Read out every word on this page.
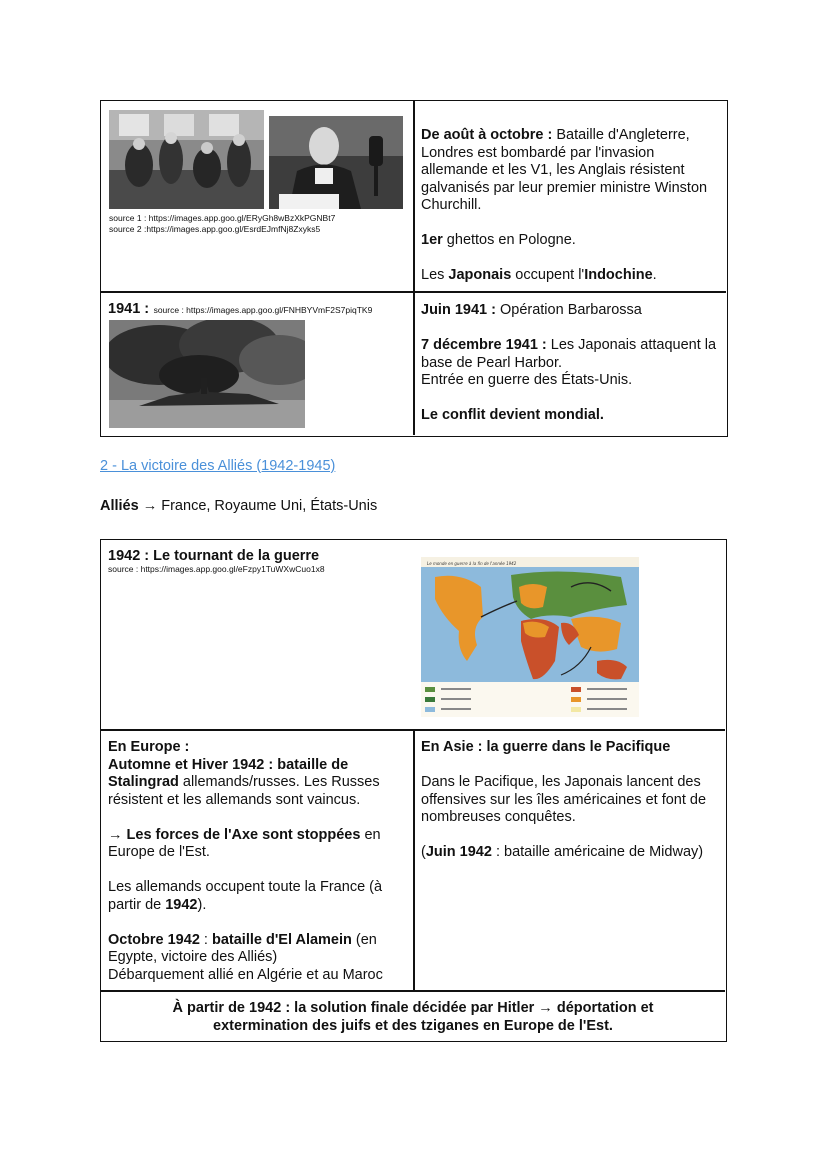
source 1 : https://images.app.goo.gl/ERyGh8wBzXkPGNBt7
source 2 :https://images.app.goo.gl/EsrdEJmfNj8Zxyks5

De août à octobre : Bataille d'Angleterre, Londres est bombardé par l'invasion allemande et les V1, les Anglais résistent galvanisés par leur premier ministre Winston Churchill.

1er ghettos en Pologne.

Les Japonais occupent l'Indochine.

1941 : source : https://images.app.goo.gl/FNHBYVmF2S7piqTK9	Juin 1941 : Opération Barbarossa

7 décembre 1941 : Les Japonais attaquent la base de Pearl Harbor.

Entrée en guerre des États-Unis.

Le conflit devient mondial.

2 - La victoire des Alliés (1942-1945)
Alliés → France, Royaume Uni, États-Unis
1942 : Le tournant de la guerre
source : https://images.app.goo.gl/eFzpy1TuWXwCuo1x8
Le monde en guerre à la fin de l'année 1942

En Europe :

Automne et Hiver 1942 : bataille de Stalingrad allemands/russes. Les Russes résistent et les allemands sont vaincus.

→ Les forces de l'Axe sont stoppées en Europe de l'Est.

Les allemands occupent toute la France (à partir de 1942).

Octobre 1942 : bataille d'El Alamein (en Egypte, victoire des Alliés)

Débarquement allié en Algérie et au Maroc

En Asie : la guerre dans le Pacifique

Dans le Pacifique, les Japonais lancent des offensives sur les îles américaines et font de nombreuses conquêtes.

(Juin 1942 : bataille américaine de Midway)

À partir de 1942 : la solution finale décidée par Hitler → déportation et extermination des juifs et des tziganes en Europe de l'Est.
